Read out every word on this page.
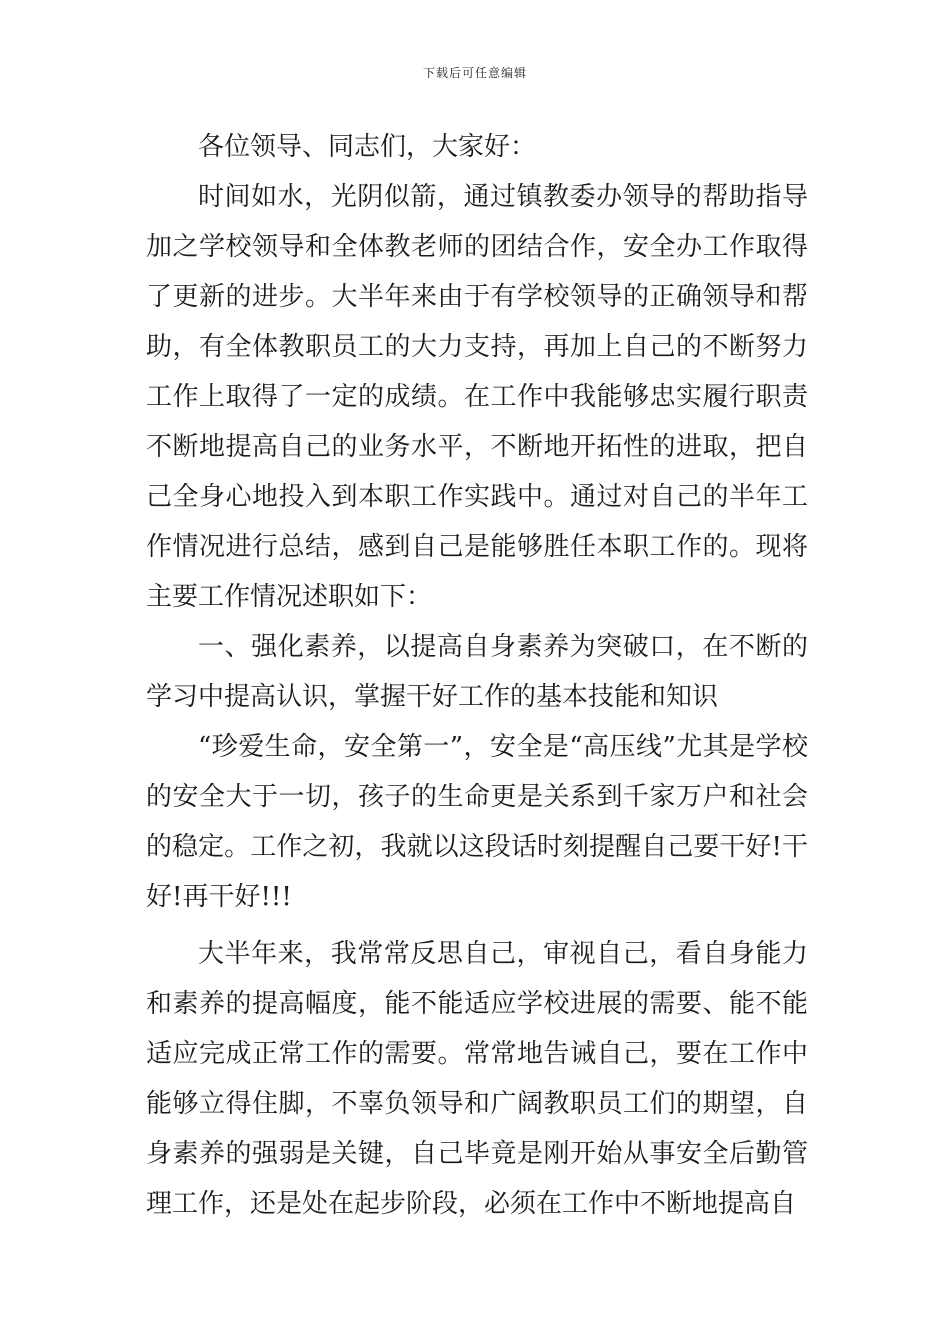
下载后可任意编辑

各位领导、同志们，大家好：

时间如水，光阴似箭，通过镇教委办领导的帮助指导加之学校领导和全体教老师的团结合作，安全办工作取得了更新的进步。大半年来由于有学校领导的正确领导和帮助，有全体教职员工的大力支持，再加上自己的不断努力工作上取得了一定的成绩。在工作中我能够忠实履行职责不断地提高自己的业务水平，不断地开拓性的进取，把自己全身心地投入到本职工作实践中。通过对自己的半年工作情况进行总结，感到自己是能够胜任本职工作的。现将主要工作情况述职如下：

一、强化素养，以提高自身素养为突破口，在不断的学习中提高认识，掌握干好工作的基本技能和知识

“珍爱生命，安全第一”，安全是“高压线”尤其是学校的安全大于一切，孩子的生命更是关系到千家万户和社会的稳定。工作之初，我就以这段话时刻提醒自己要干好!干好!再干好!!!

大半年来，我常常反思自己，审视自己，看自身能力和素养的提高幅度，能不能适应学校进展的需要、能不能适应完成正常工作的需要。常常地告诫自己，要在工作中能够立得住脚，不辜负领导和广阔教职员工们的期望，自身素养的强弱是关键，自己毕竟是刚开始从事安全后勤管理工作，还是处在起步阶段，必须在工作中不断地提高自
